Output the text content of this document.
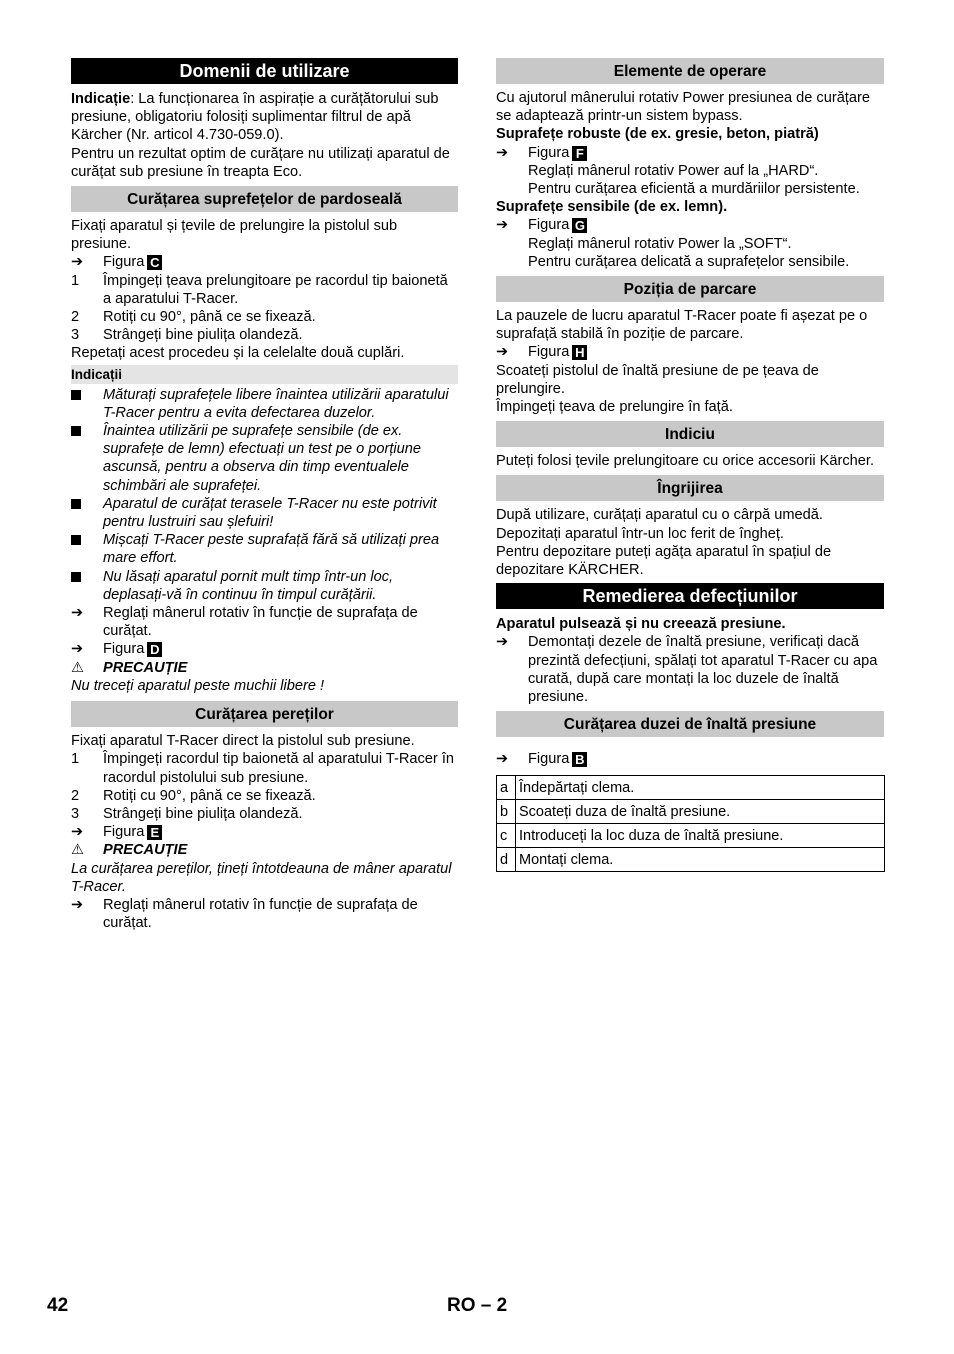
Domenii de utilizare

Indicație: La funcționarea în aspirație a curățătorului sub presiune, obligatoriu folosiți suplimentar filtrul de apă Kärcher (Nr. articol 4.730-059.0).

Pentru un rezultat optim de curățare nu utilizați aparatul de curățat sub presiune în treapta Eco.

Curățarea suprefețelor de pardoseală

Fixați aparatul și țevile de prelungire la pistolul sub presiune.

➔	Figura C
1	Împingeți țeava prelungitoare pe racordul tip baionetă a aparatului T-Racer.
2	Rotiți cu 90°, până ce se fixează.
3	Strângeți bine piulița olandeză.

Repetați acest procedeu și la celelalte două cuplări.

Indicații
Măturați suprafețele libere înaintea utilizării aparatului T-Racer pentru a evita defectarea duzelor.
Înaintea utilizării pe suprafețe sensibile (de ex. suprafețe de lemn) efectuați un test pe o porțiune ascunsă, pentru a observa din timp eventualele schimbări ale suprafeței.
Aparatul de curățat terasele T-Racer nu este potrivit pentru lustruiri sau șlefuiri!
Mișcați T-Racer peste suprafață fără să utilizați prea mare effort.
Nu lăsați aparatul pornit mult timp într-un loc, deplasați-vă în continuu în timpul curățării.
➔	Reglați mânerul rotativ în funcție de suprafața de curățat.
➔	Figura D
⚠	PRECAUȚIE

Nu treceți aparatul peste muchii libere !

Curățarea pereților

Fixați aparatul T-Racer direct la pistolul sub presiune.

1	Împingeți racordul tip baionetă al aparatului T-Racer în racordul pistolului sub presiune.
2	Rotiți cu 90°, până ce se fixează.
3	Strângeți bine piulița olandeză.
➔	Figura E
⚠	PRECAUȚIE

La curățarea pereților, țineți întotdeauna de mâner aparatul T-Racer.

➔	Reglați mânerul rotativ în funcție de suprafața de curățat.
Elemente de operare

Cu ajutorul mânerului rotativ Power presiunea de curățare se adaptează printr-un sistem bypass.

Suprafețe robuste (de ex. gresie, beton, piatră)

➔	Figura F
Reglați mânerul rotativ Power auf la „HARD“.
Pentru curățarea eficientă a murdăriilor persistente.

Suprafețe sensibile (de ex. lemn).

➔	Figura G
Reglați mânerul rotativ Power la „SOFT“.
Pentru curățarea delicată a suprafețelor sensibile.
Poziția de parcare

La pauzele de lucru aparatul T-Racer poate fi așezat pe o suprafață stabilă în poziție de parcare.

➔	Figura H

Scoateți pistolul de înaltă presiune de pe țeava de prelungire.

Împingeți țeava de prelungire în față.

Indiciu

Puteți folosi țevile prelungitoare cu orice accesorii Kärcher.

Îngrijirea

După utilizare, curățați aparatul cu o cârpă umedă.

Depozitați aparatul într-un loc ferit de îngheț.

Pentru depozitare puteți agăța aparatul în spațiul de depozitare KÄRCHER.

Remedierea defecțiunilor

Aparatul pulsează și nu creează presiune.

➔	Demontați dezele de înaltă presiune, verificați dacă prezintă defecțiuni, spălați tot aparatul T-Racer cu apa curată, după care montați la loc duzele de înaltă presiune.
Curățarea duzei de înaltă presiune
➔	Figura B
a	Îndepărtați clema.
b	Scoateți duza de înaltă presiune.
c	Introduceți la loc duza de înaltă presiune.
d	Montați clema.
42	RO – 2
